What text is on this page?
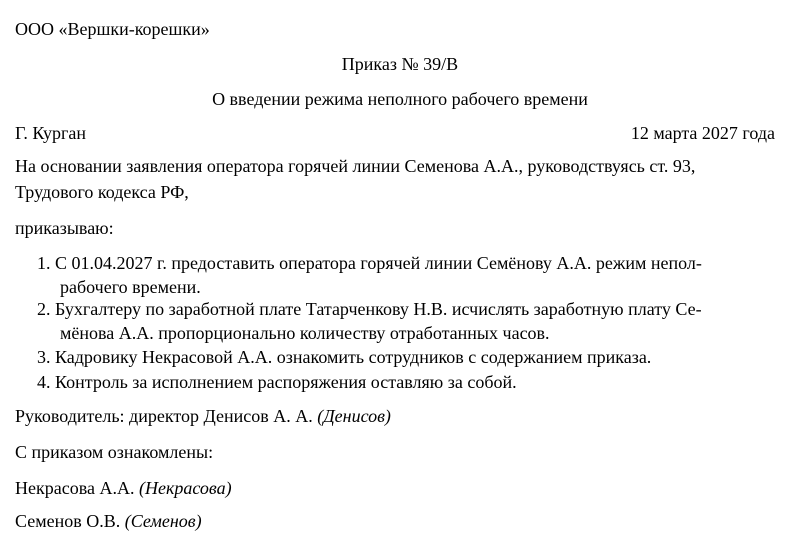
ООО «Вершки-корешки»
Приказ № 39/В
О введении режима неполного рабочего времени
Г. Курган	12 марта 2027 года
На основании заявления оператора горячей линии Семенова А.А., руководствуясь ст. 93,
Трудового кодекса РФ,
приказываю:
1. С 01.04.2027 г. предоставить оператора горячей линии Семёнову А.А. режим непол-
рабочего времени.
2. Бухгалтеру по заработной плате Татарченкову Н.В. исчислять заработную плату Се-
мёнова А.А. пропорционально количеству отработанных часов.
3. Кадровику Некрасовой А.А. ознакомить сотрудников с содержанием приказа.
4. Контроль за исполнением распоряжения оставляю за собой.
Руководитель: директор Денисов А. А. (Денисов)
С приказом ознакомлены:
Некрасова А.А. (Некрасова)
Семенов О.В. (Семенов)
